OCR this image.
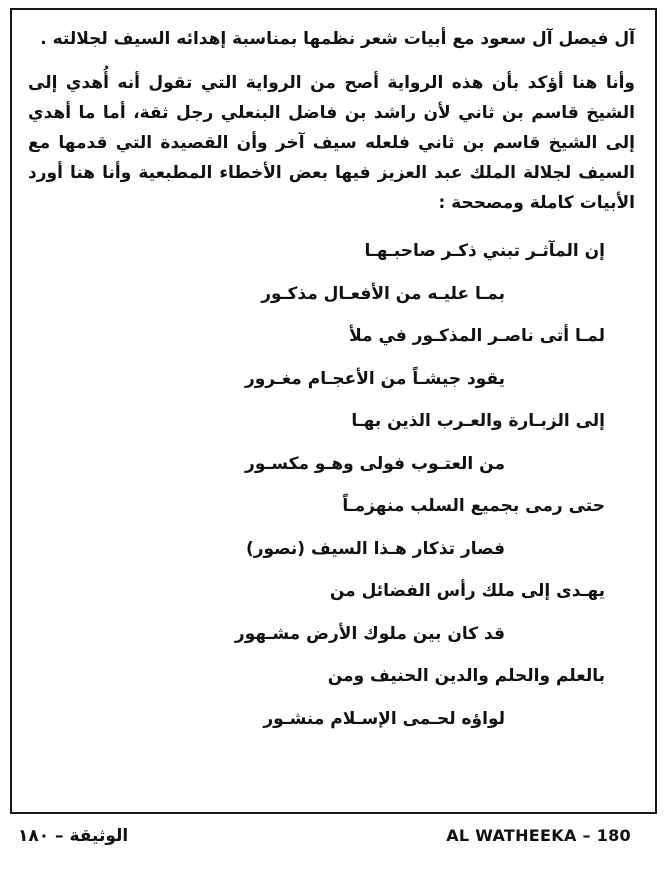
آل فيصل آل سعود مع أبيات شعر نظمها بمناسبة إهدائه السيف لجلالته .

وأنا هنا أؤكد بأن هذه الرواية أصح من الرواية التي تقول أنه أُهدي إلى الشيخ قاسم بن ثاني لأن راشد بن فاضل البنعلي رجل ثقة، أما ما أهدي إلى الشيخ قاسم بن ثاني فلعله سيف آخر وأن القصيدة التي قدمها مع السيف لجلالة الملك عبد العزيز فيها بعض الأخطاء المطبعية وأنا هنا أورد الأبيات كاملة ومصححة :

إن المآثـر تبني ذكـر صاحبـهـا
بمـا عليـه من الأفعـال مذكـور
لمـا أتى ناصـر المذكـور في ملأ
يقود جيشـاً من الأعجـام مغـرور
إلى الزبـارة والعـرب الذين بهـا
من العتـوب فولى وهـو مكسـور
حتى رمى بجميع السلب منهزمـاً
فصار تذكار هـذا السيف (نصور)
يهـدى إلى ملك رأس الفضائل من
قد كان بين ملوك الأرض مشـهور
بالعلم والحلم والدين الحنيف ومن
لواؤه لحـمى الإسـلام منشـور
الوثيقة – ١٨٠	AL WATHEEKA – 180
